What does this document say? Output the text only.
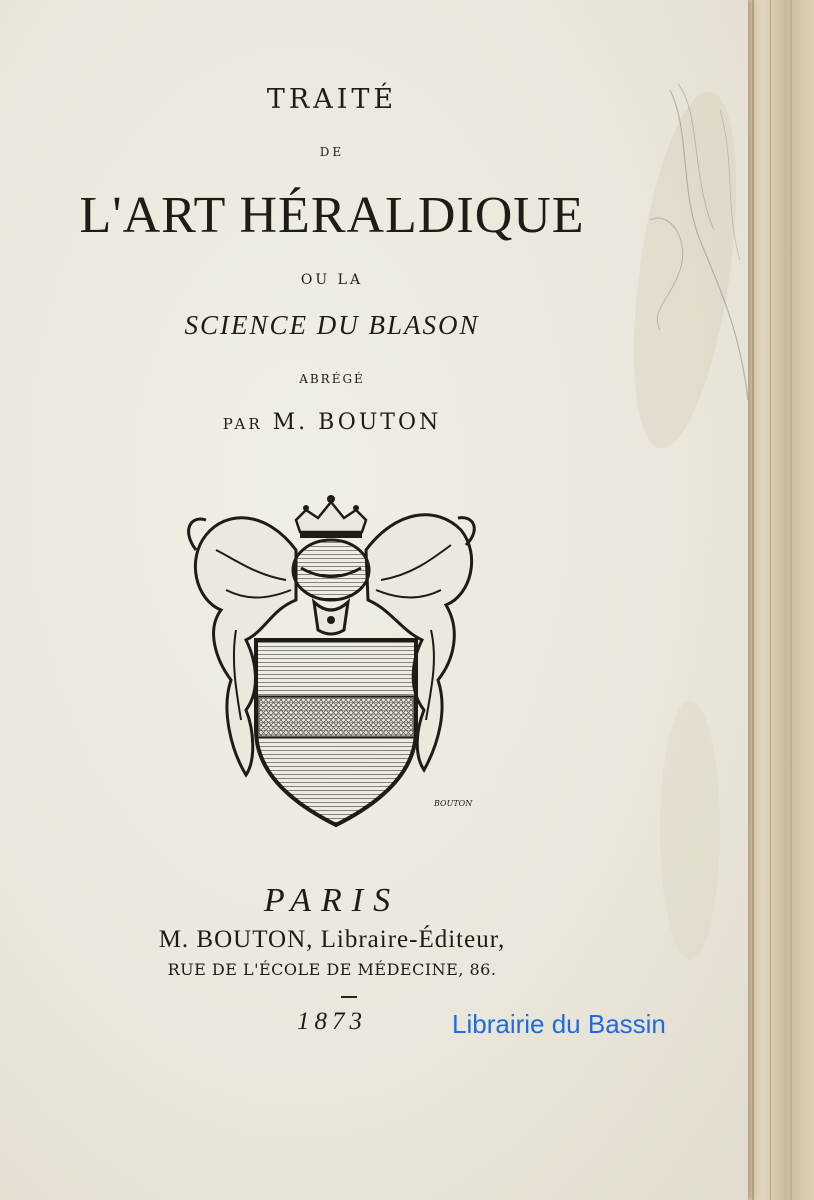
TRAITÉ
DE
L'ART HÉRALDIQUE
OU LA
SCIENCE DU BLASON
ABRÉGÉ
PAR M. BOUTON
BOUTON
PARIS
M. BOUTON, Libraire-Éditeur,
RUE DE L'ÉCOLE DE MÉDECINE, 86.
1873	Librairie du Bassin
